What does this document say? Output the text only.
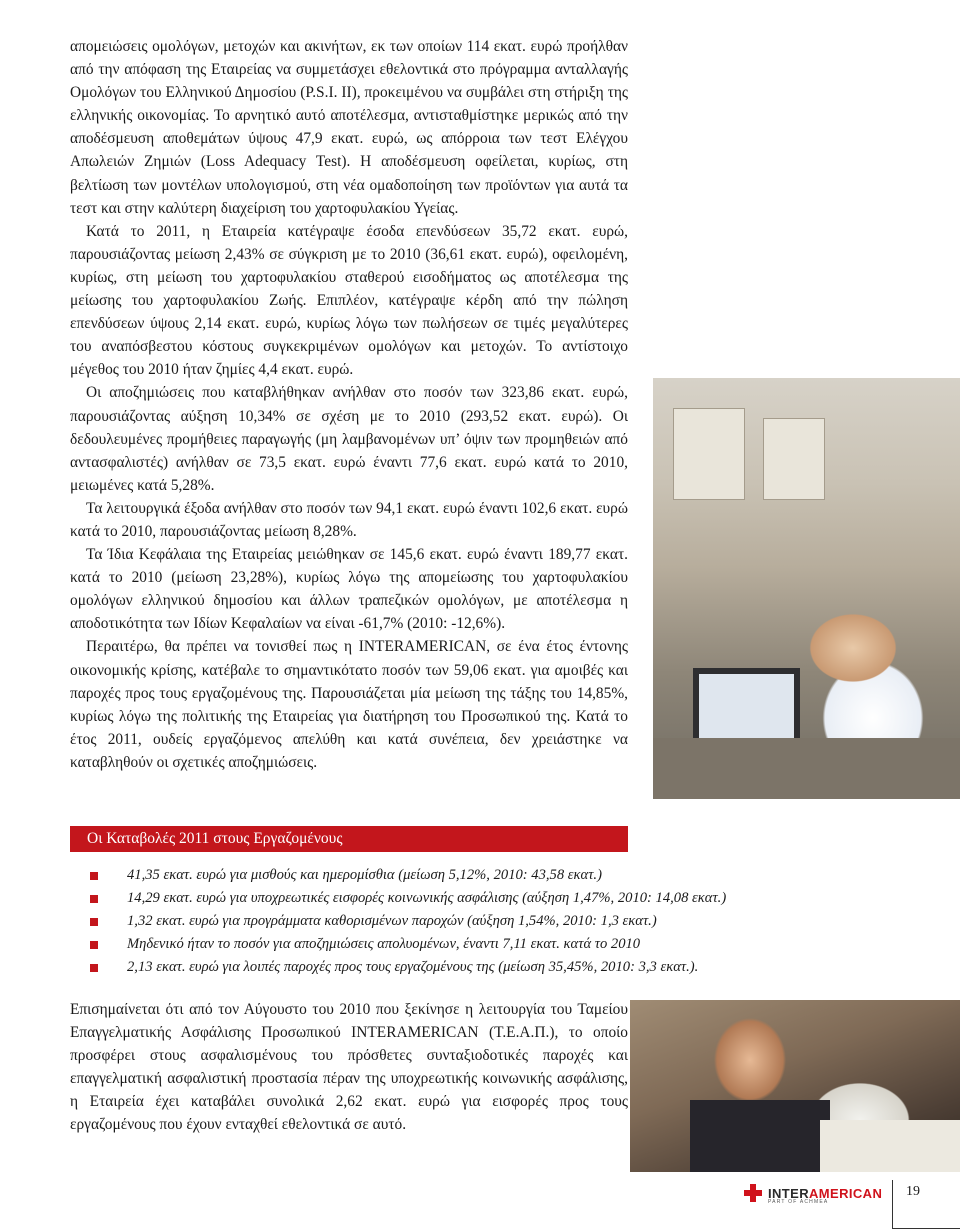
απομειώσεις ομολόγων, μετοχών και ακινήτων, εκ των οποίων 114 εκατ. ευρώ προήλθαν από την απόφαση της Εταιρείας να συμμετάσχει εθελοντικά στο πρόγραμμα ανταλλαγής Ομολόγων του Ελληνικού Δημοσίου (P.S.I. II), προκειμένου να συμβάλει στη στήριξη της ελληνικής οικονομίας. Το αρνητικό αυτό αποτέλεσμα, αντισταθμίστηκε μερικώς από την αποδέσμευση αποθεμάτων ύψους 47,9 εκατ. ευρώ, ως απόρροια των τεστ Ελέγχου Απωλειών Ζημιών (Loss Adequacy Test). Η αποδέσμευση οφείλεται, κυρίως, στη βελτίωση των μοντέλων υπολογισμού, στη νέα ομαδοποίηση των προϊόντων για αυτά τα τεστ και στην καλύτερη διαχείριση του χαρτοφυλακίου Υγείας.

Κατά το 2011, η Εταιρεία κατέγραψε έσοδα επενδύσεων 35,72 εκατ. ευρώ, παρουσιάζοντας μείωση 2,43% σε σύγκριση με το 2010 (36,61 εκατ. ευρώ), οφειλομένη, κυρίως, στη μείωση του χαρτοφυλακίου σταθερού εισοδήματος ως αποτέλεσμα της μείωσης του χαρτοφυλακίου Ζωής. Επιπλέον, κατέγραψε κέρδη από την πώληση επενδύσεων ύψους 2,14 εκατ. ευρώ, κυρίως λόγω των πωλήσεων σε τιμές μεγαλύτερες του αναπόσβεστου κόστους συγκεκριμένων ομολόγων και μετοχών. Το αντίστοιχο μέγεθος του 2010 ήταν ζημίες 4,4 εκατ. ευρώ.

Οι αποζημιώσεις που καταβλήθηκαν ανήλθαν στο ποσόν των 323,86 εκατ. ευρώ, παρουσιάζοντας αύξηση 10,34% σε σχέση με το 2010 (293,52 εκατ. ευρώ). Οι δεδουλευμένες προμήθειες παραγωγής (μη λαμβανομένων υπ’ όψιν των προμηθειών από αντασφαλιστές) ανήλθαν σε 73,5 εκατ. ευρώ έναντι 77,6 εκατ. ευρώ κατά το 2010, μειωμένες κατά 5,28%.

Τα λειτουργικά έξοδα ανήλθαν στο ποσόν των 94,1 εκατ. ευρώ έναντι 102,6 εκατ. ευρώ κατά το 2010, παρουσιάζοντας μείωση 8,28%.

Τα Ίδια Κεφάλαια της Εταιρείας μειώθηκαν σε 145,6 εκατ. ευρώ έναντι 189,77 εκατ. κατά το 2010 (μείωση 23,28%), κυρίως λόγω της απομείωσης του χαρτοφυλακίου ομολόγων ελληνικού δημοσίου και άλλων τραπεζικών ομολόγων, με αποτέλεσμα η αποδοτικότητα των Ιδίων Κεφαλαίων να είναι -61,7% (2010: -12,6%).

Περαιτέρω, θα πρέπει να τονισθεί πως η INTERAMERICAN, σε ένα έτος έντονης οικονομικής κρίσης, κατέβαλε το σημαντικότατο ποσόν των 59,06 εκατ. για αμοιβές και παροχές προς τους εργαζομένους της. Παρουσιάζεται μία μείωση της τάξης του 14,85%, κυρίως λόγω της πολιτικής της Εταιρείας για διατήρηση του Προσωπικού της. Κατά το έτος 2011, ουδείς εργαζόμενος απελύθη και κατά συνέπεια, δεν χρειάστηκε να καταβληθούν οι σχετικές αποζημιώσεις.

Οι Καταβολές 2011 στους Εργαζομένους
41,35 εκατ. ευρώ για μισθούς και ημερομίσθια (μείωση 5,12%, 2010: 43,58 εκατ.)
14,29 εκατ. ευρώ για υποχρεωτικές εισφορές κοινωνικής ασφάλισης (αύξηση 1,47%, 2010: 14,08 εκατ.)
1,32 εκατ. ευρώ για προγράμματα καθορισμένων παροχών (αύξηση 1,54%, 2010: 1,3 εκατ.)
Μηδενικό ήταν το ποσόν για αποζημιώσεις απολυομένων, έναντι 7,11 εκατ. κατά το 2010
2,13 εκατ. ευρώ για λοιπές παροχές προς τους εργαζομένους της (μείωση 35,45%, 2010: 3,3 εκατ.).

Επισημαίνεται ότι από τον Αύγουστο του 2010 που ξεκίνησε η λειτουργία του Ταμείου Επαγγελματικής Ασφάλισης Προσωπικού INTERAMERICAN (Τ.Ε.Α.Π.), το οποίο προσφέρει στους ασφαλισμένους του πρόσθετες συνταξιοδοτικές παροχές και επαγγελματική ασφαλιστική προστασία πέραν της υποχρεωτικής κοινωνικής ασφάλισης, η Εταιρεία έχει καταβάλει συνολικά 2,62 εκατ. ευρώ για εισφορές προς τους εργαζομένους που έχουν ενταχθεί εθελοντικά σε αυτό.

INTERAMERICAN
PART OF ACHMEA
19
